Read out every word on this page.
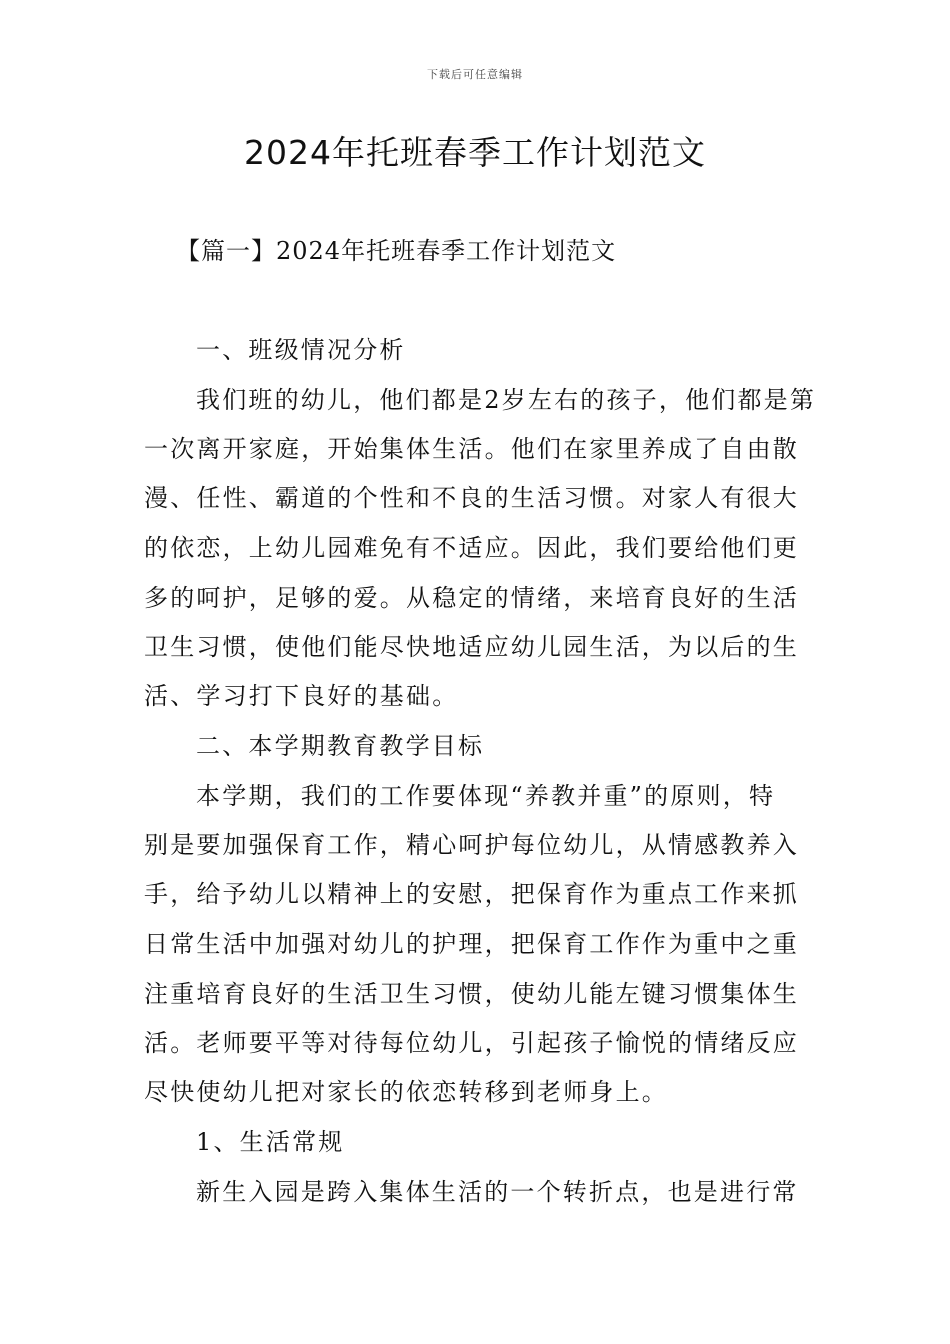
下载后可任意编辑
2024年托班春季工作计划范文
【篇一】2024年托班春季工作计划范文
一、班级情况分析
我们班的幼儿，他们都是2岁左右的孩子，他们都是第
一次离开家庭，开始集体生活。他们在家里养成了自由散
漫、任性、霸道的个性和不良的生活习惯。对家人有很大
的依恋，上幼儿园难免有不适应。因此，我们要给他们更
多的呵护，足够的爱。从稳定的情绪，来培育良好的生活
卫生习惯，使他们能尽快地适应幼儿园生活，为以后的生
活、学习打下良好的基础。
二、本学期教育教学目标
本学期，我们的工作要体现“养教并重”的原则，特
别是要加强保育工作，精心呵护每位幼儿，从情感教养入
手，给予幼儿以精神上的安慰，把保育作为重点工作来抓
日常生活中加强对幼儿的护理，把保育工作作为重中之重
注重培育良好的生活卫生习惯，使幼儿能左键习惯集体生
活。老师要平等对待每位幼儿，引起孩子愉悦的情绪反应
尽快使幼儿把对家长的依恋转移到老师身上。
1、生活常规
新生入园是跨入集体生活的一个转折点，也是进行常
